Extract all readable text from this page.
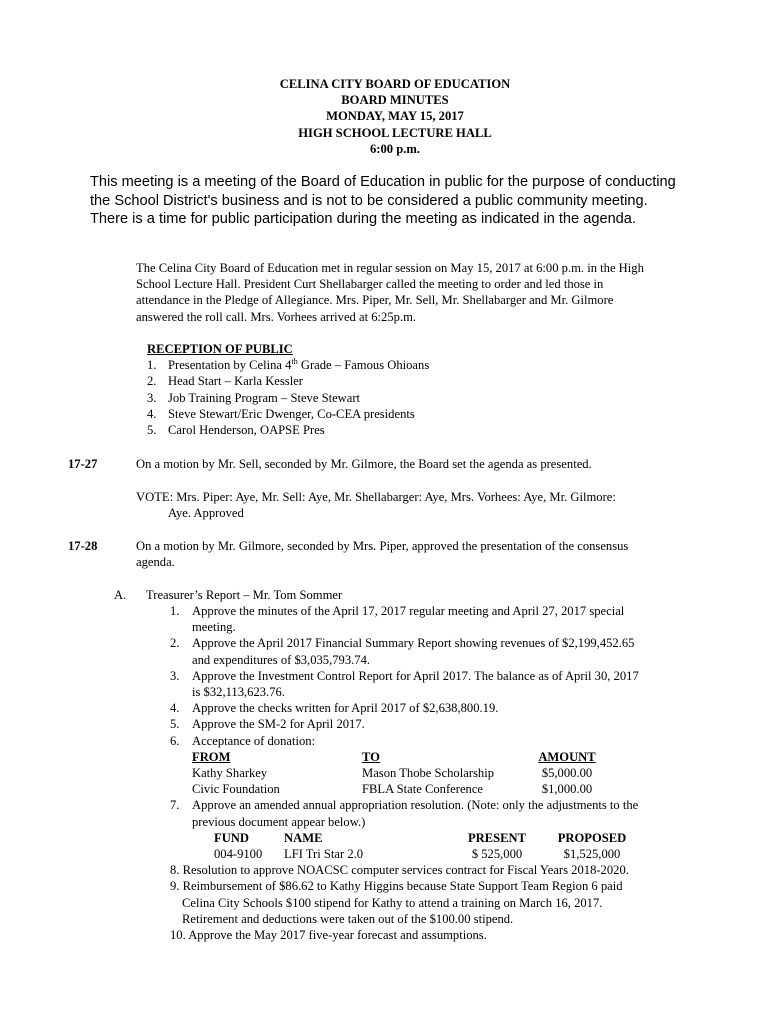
CELINA CITY BOARD OF EDUCATION
BOARD MINUTES
MONDAY, MAY 15, 2017
HIGH SCHOOL LECTURE HALL
6:00 p.m.
This meeting is a meeting of the Board of Education in public for the purpose of conducting
the School District's business and is not to be considered a public community meeting.
There is a time for public participation during the meeting as indicated in the agenda.
The Celina City Board of Education met in regular session on May 15, 2017 at 6:00 p.m. in the High
School Lecture Hall. President Curt Shellabarger called the meeting to order and led those in
attendance in the Pledge of Allegiance. Mrs. Piper, Mr. Sell, Mr. Shellabarger and Mr. Gilmore
answered the roll call. Mrs. Vorhees arrived at 6:25p.m.
RECEPTION OF PUBLIC
1. Presentation by Celina 4th Grade – Famous Ohioans
2. Head Start – Karla Kessler
3. Job Training Program – Steve Stewart
4. Steve Stewart/Eric Dwenger, Co-CEA presidents
5. Carol Henderson, OAPSE Pres
17-27	On a motion by Mr. Sell, seconded by Mr. Gilmore, the Board set the agenda as presented.
VOTE: Mrs. Piper: Aye, Mr. Sell: Aye, Mr. Shellabarger: Aye, Mrs. Vorhees: Aye, Mr. Gilmore:
Aye. Approved
17-28	On a motion by Mr. Gilmore, seconded by Mrs. Piper, approved the presentation of the consensus
agenda.
A. Treasurer’s Report – Mr. Tom Sommer
1. Approve the minutes of the April 17, 2017 regular meeting and April 27, 2017 special
meeting.
2. Approve the April 2017 Financial Summary Report showing revenues of $2,199,452.65
and expenditures of $3,035,793.74.
3. Approve the Investment Control Report for April 2017. The balance as of April 30, 2017
is $32,113,623.76.
4. Approve the checks written for April 2017 of $2,638,800.19.
5. Approve the SM-2 for April 2017.
6. Acceptance of donation:
FROM	TO	AMOUNT
Kathy Sharkey	Mason Thobe Scholarship	$5,000.00
Civic Foundation	FBLA State Conference	$1,000.00
7. Approve an amended annual appropriation resolution. (Note: only the adjustments to the
previous document appear below.)
FUND	NAME	PRESENT	PROPOSED
004-9100	LFI Tri Star 2.0	$ 525,000	$1,525,000
8. Resolution to approve NOACSC computer services contract for Fiscal Years 2018-2020.
9. Reimbursement of $86.62 to Kathy Higgins because State Support Team Region 6 paid
Celina City Schools $100 stipend for Kathy to attend a training on March 16, 2017.
Retirement and deductions were taken out of the $100.00 stipend.
10. Approve the May 2017 five-year forecast and assumptions.
